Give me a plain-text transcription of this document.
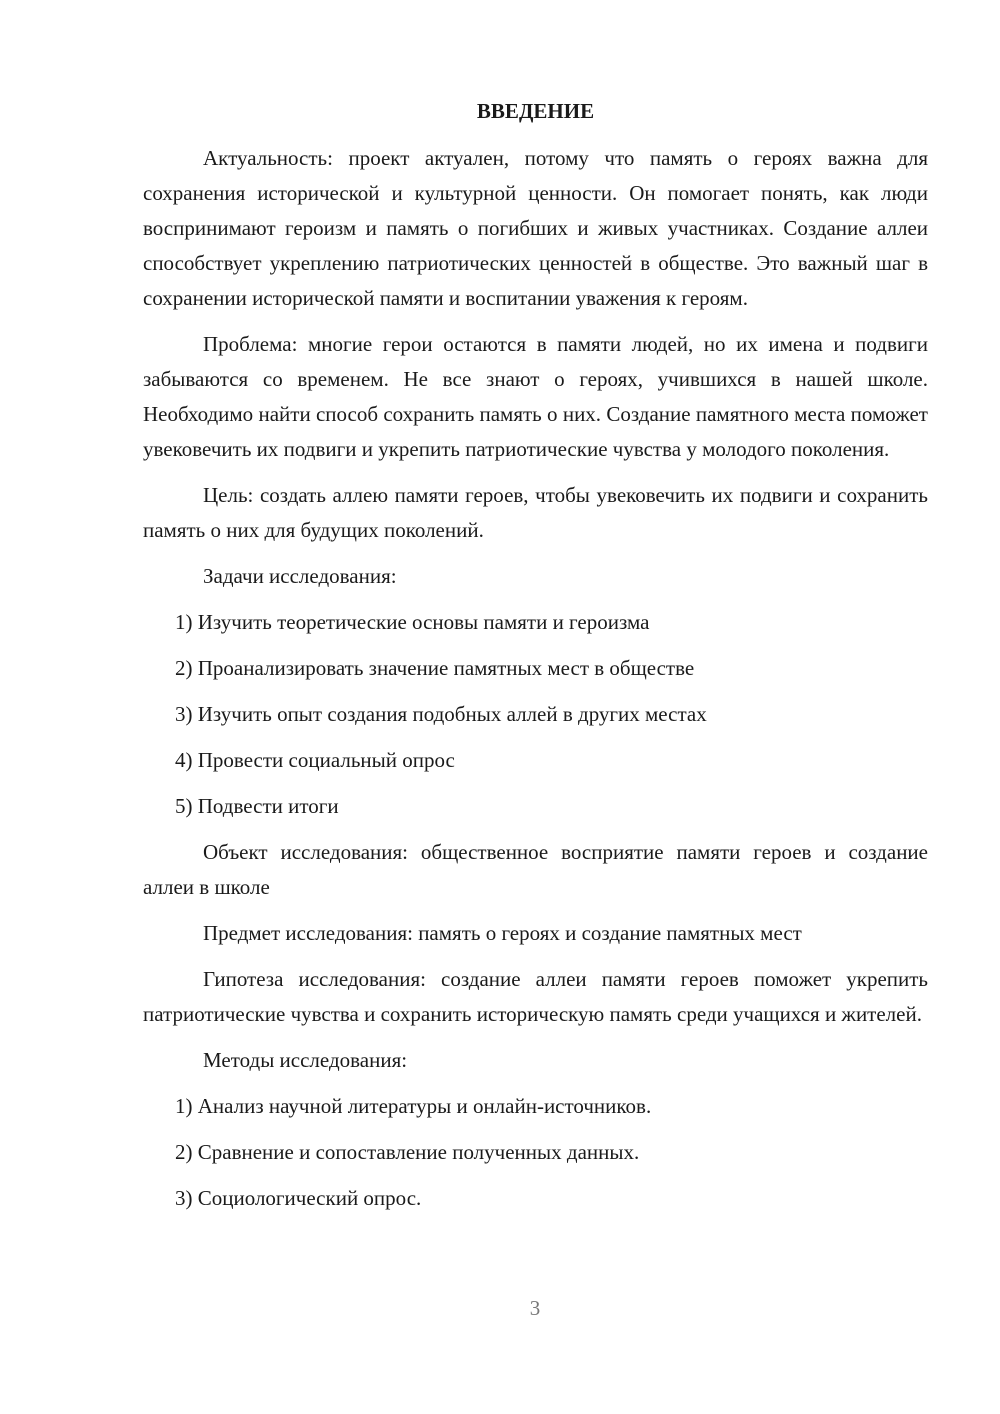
ВВЕДЕНИЕ

Актуальность: проект актуален, потому что память о героях важна для сохранения исторической и культурной ценности. Он помогает понять, как люди воспринимают героизм и память о погибших и живых участниках. Создание аллеи способствует укреплению патриотических ценностей в обществе. Это важный шаг в сохранении исторической памяти и воспитании уважения к героям.

Проблема: многие герои остаются в памяти людей, но их имена и подвиги забываются со временем. Не все знают о героях, учившихся в нашей школе. Необходимо найти способ сохранить память о них. Создание памятного места поможет увековечить их подвиги и укрепить патриотические чувства у молодого поколения.

Цель: создать аллею памяти героев, чтобы увековечить их подвиги и сохранить память о них для будущих поколений.

Задачи исследования:

1) Изучить теоретические основы памяти и героизма

2) Проанализировать значение памятных мест в обществе

3) Изучить опыт создания подобных аллей в других местах

4) Провести социальный опрос

5) Подвести итоги

Объект исследования: общественное восприятие памяти героев и создание аллеи в школе

Предмет исследования: память о героях и создание памятных мест

Гипотеза исследования: создание аллеи памяти героев поможет укрепить патриотические чувства и сохранить историческую память среди учащихся и жителей.

Методы исследования:

1) Анализ научной литературы и онлайн-источников.

2) Сравнение и сопоставление полученных данных.

3) Социологический опрос.

3
